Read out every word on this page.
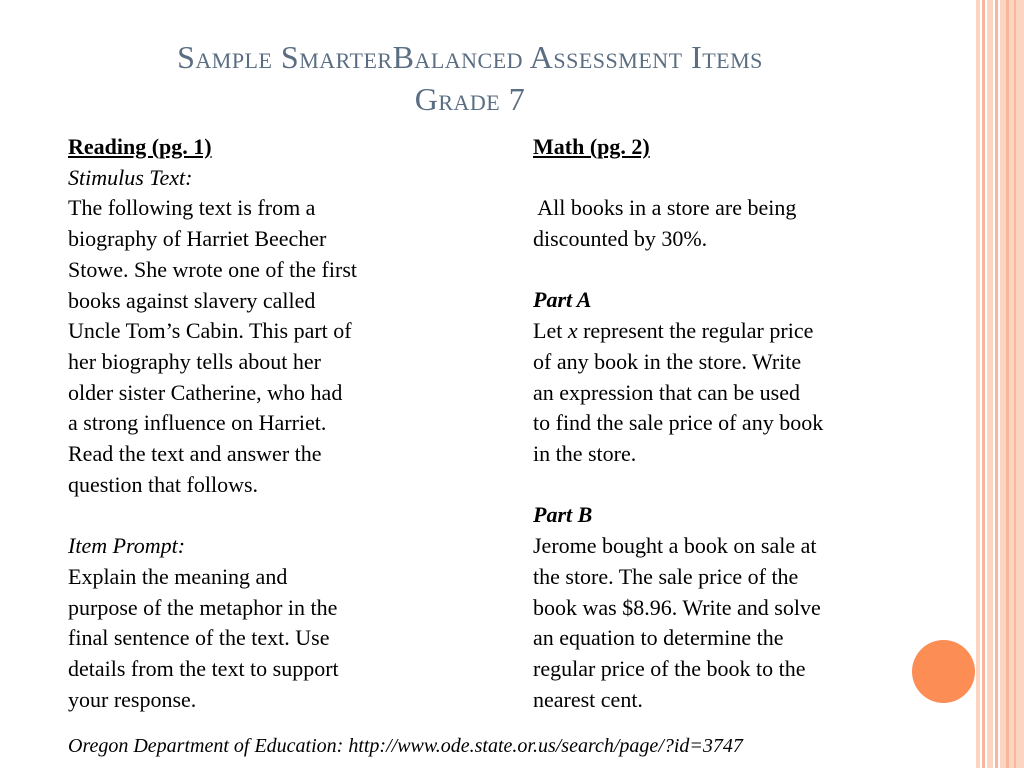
Sample SmarterBalanced Assessment Items
Grade 7
Reading (pg. 1)
Stimulus Text:
The following text is from a
biography of Harriet Beecher
Stowe. She wrote one of the first
books against slavery called
Uncle Tom’s Cabin. This part of
her biography tells about her
older sister Catherine, who had
a strong influence on Harriet.
Read the text and answer the
question that follows.
Item Prompt:
Explain the meaning and
purpose of the metaphor in the
final sentence of the text. Use
details from the text to support
your response.
Math (pg. 2)
All books in a store are being
discounted by 30%.
Part A
Let x represent the regular price
of any book in the store. Write
an expression that can be used
to find the sale price of any book
in the store.
Part B
Jerome bought a book on sale at
the store. The sale price of the
book was $8.96. Write and solve
an equation to determine the
regular price of the book to the
nearest cent.
Oregon Department of Education: http://www.ode.state.or.us/search/page/?id=3747
